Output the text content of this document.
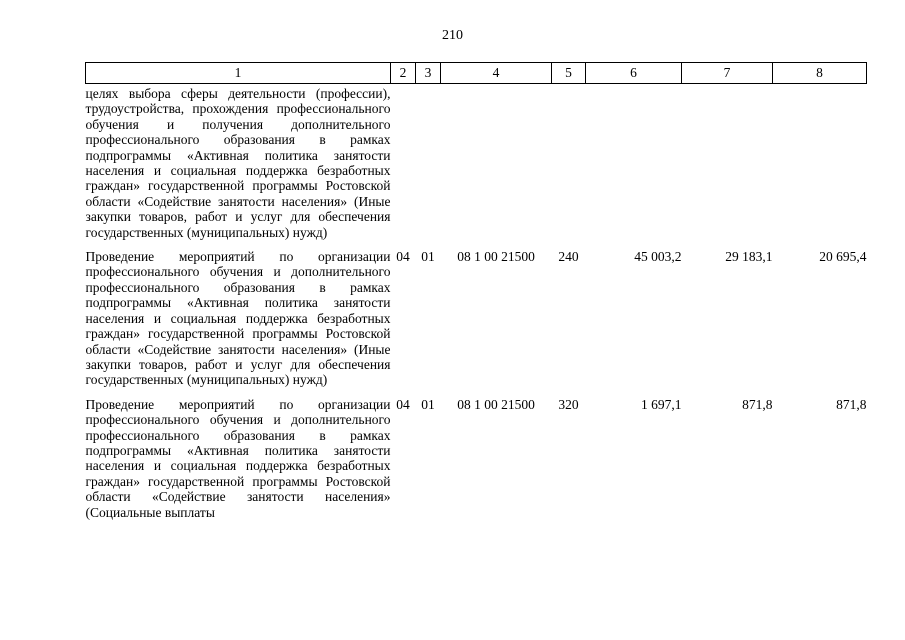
210
1	2	3	4	5	6	7	8
целях выбора сферы деятельности (профессии), трудоустройства, прохождения профессионального обучения и получения дополнительного профессионального образования в рамках подпрограммы «Активная политика занятости населения и социальная поддержка безработных граждан» государственной программы Ростовской области «Содействие занятости населения» (Иные закупки товаров, работ и услуг для обеспечения государственных (муниципальных) нужд)							
Проведение мероприятий по организации профессионального обучения и дополнительного профессионального образования в рамках подпрограммы «Активная политика занятости населения и социальная поддержка безработных граждан» государственной программы Ростовской области «Содействие занятости населения» (Иные закупки товаров, работ и услуг для обеспечения государственных (муниципальных) нужд)	04	01	08 1 00 21500	240	45 003,2	29 183,1	20 695,4
Проведение мероприятий по организации профессионального обучения и дополнительного профессионального образования в рамках подпрограммы «Активная политика занятости населения и социальная поддержка безработных граждан» государственной программы Ростовской области «Содействие занятости населения» (Социальные выплаты	04	01	08 1 00 21500	320	1 697,1	871,8	871,8
